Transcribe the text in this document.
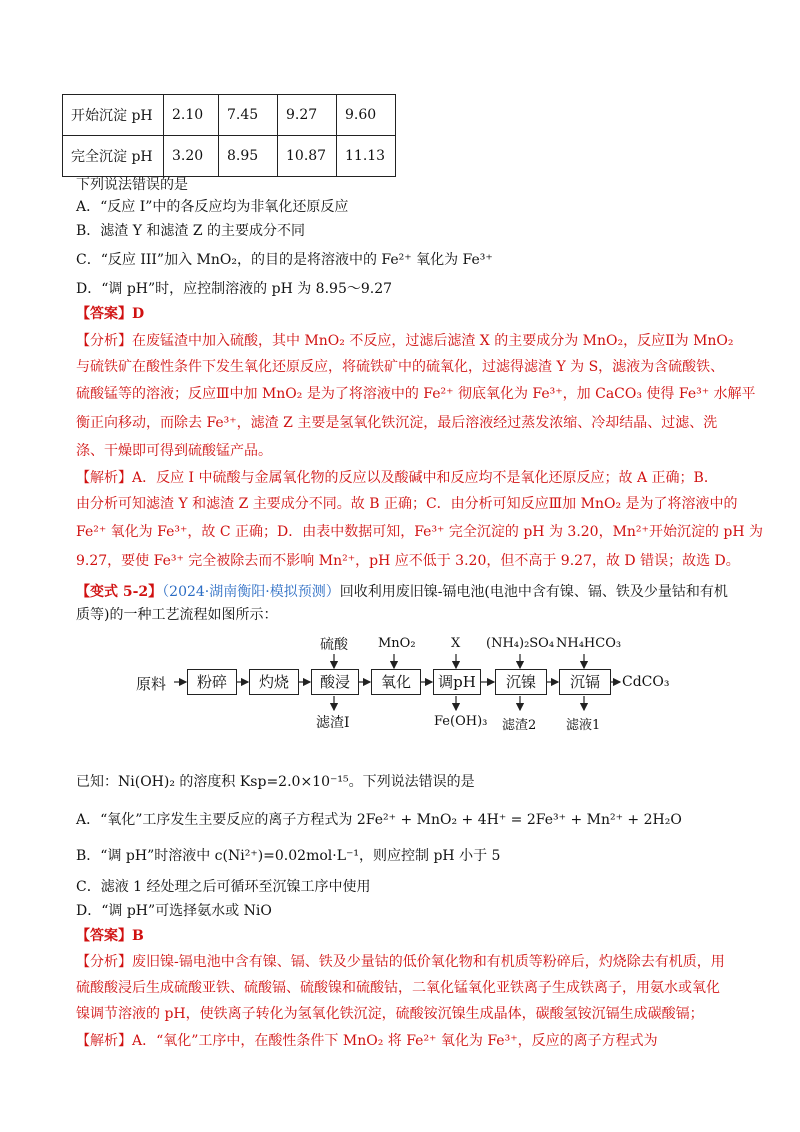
开始沉淀 pH	2.10	7.45	9.27	9.60
完全沉淀 pH	3.20	8.95	10.87	11.13
下列说法错误的是
A．“反应 I”中的各反应均为非氧化还原反应
B．滤渣 Y 和滤渣 Z 的主要成分不同
C．“反应 III”加入 MnO₂，的目的是将溶液中的 Fe²⁺ 氧化为 Fe³⁺
D．“调 pH”时，应控制溶液的 pH 为 8.95～9.27
【答案】D
【分析】在废锰渣中加入硫酸，其中 MnO₂ 不反应，过滤后滤渣 X 的主要成分为 MnO₂，反应Ⅱ为 MnO₂
与硫铁矿在酸性条件下发生氧化还原反应，将硫铁矿中的硫氧化，过滤得滤渣 Y 为 S，滤液为含硫酸铁、
硫酸锰等的溶液；反应Ⅲ中加 MnO₂ 是为了将溶液中的 Fe²⁺ 彻底氧化为 Fe³⁺，加 CaCO₃ 使得 Fe³⁺ 水解平
衡正向移动，而除去 Fe³⁺，滤渣 Z 主要是氢氧化铁沉淀，最后溶液经过蒸发浓缩、冷却结晶、过滤、洗
涤、干燥即可得到硫酸锰产品。
【解析】A．反应 I 中硫酸与金属氧化物的反应以及酸碱中和反应均不是氧化还原反应；故 A 正确；B．
由分析可知滤渣 Y 和滤渣 Z 主要成分不同。故 B 正确；C．由分析可知反应Ⅲ加 MnO₂ 是为了将溶液中的
Fe²⁺ 氧化为 Fe³⁺，故 C 正确；D．由表中数据可知，Fe³⁺ 完全沉淀的 pH 为 3.20，Mn²⁺开始沉淀的 pH 为
9.27，要使 Fe³⁺ 完全被除去而不影响 Mn²⁺，pH 应不低于 3.20，但不高于 9.27，故 D 错误；故选 D。
【变式 5-2】（2024·湖南衡阳·模拟预测）回收利用废旧镍-镉电池(电池中含有镍、镉、铁及少量钴和有机
质等)的一种工艺流程如图所示：
原料	粉碎	灼烧	酸浸	氧化	调pH	沉镍	沉镉	CdCO₃
硫酸 MnO₂	X (NH₄)₂SO₄ NH₄HCO₃
滤渣I	Fe(OH)₃ 滤渣2 滤液1
已知：Ni(OH)₂ 的溶度积 Ksp=2.0×10⁻¹⁵。下列说法错误的是
A．“氧化”工序发生主要反应的离子方程式为 2Fe²⁺ + MnO₂ + 4H⁺ = 2Fe³⁺ + Mn²⁺ + 2H₂O
B．“调 pH”时溶液中 c(Ni²⁺)=0.02mol·L⁻¹，则应控制 pH 小于 5
C．滤液 1 经处理之后可循环至沉镍工序中使用
D．“调 pH”可选择氨水或 NiO
【答案】B
【分析】废旧镍-镉电池中含有镍、镉、铁及少量钴的低价氧化物和有机质等粉碎后，灼烧除去有机质，用
硫酸酸浸后生成硫酸亚铁、硫酸镉、硫酸镍和硫酸钴，二氧化锰氧化亚铁离子生成铁离子，用氨水或氧化
镍调节溶液的 pH，使铁离子转化为氢氧化铁沉淀，硫酸铵沉镍生成晶体，碳酸氢铵沉镉生成碳酸镉；
【解析】A．“氧化”工序中，在酸性条件下 MnO₂ 将 Fe²⁺ 氧化为 Fe³⁺，反应的离子方程式为
